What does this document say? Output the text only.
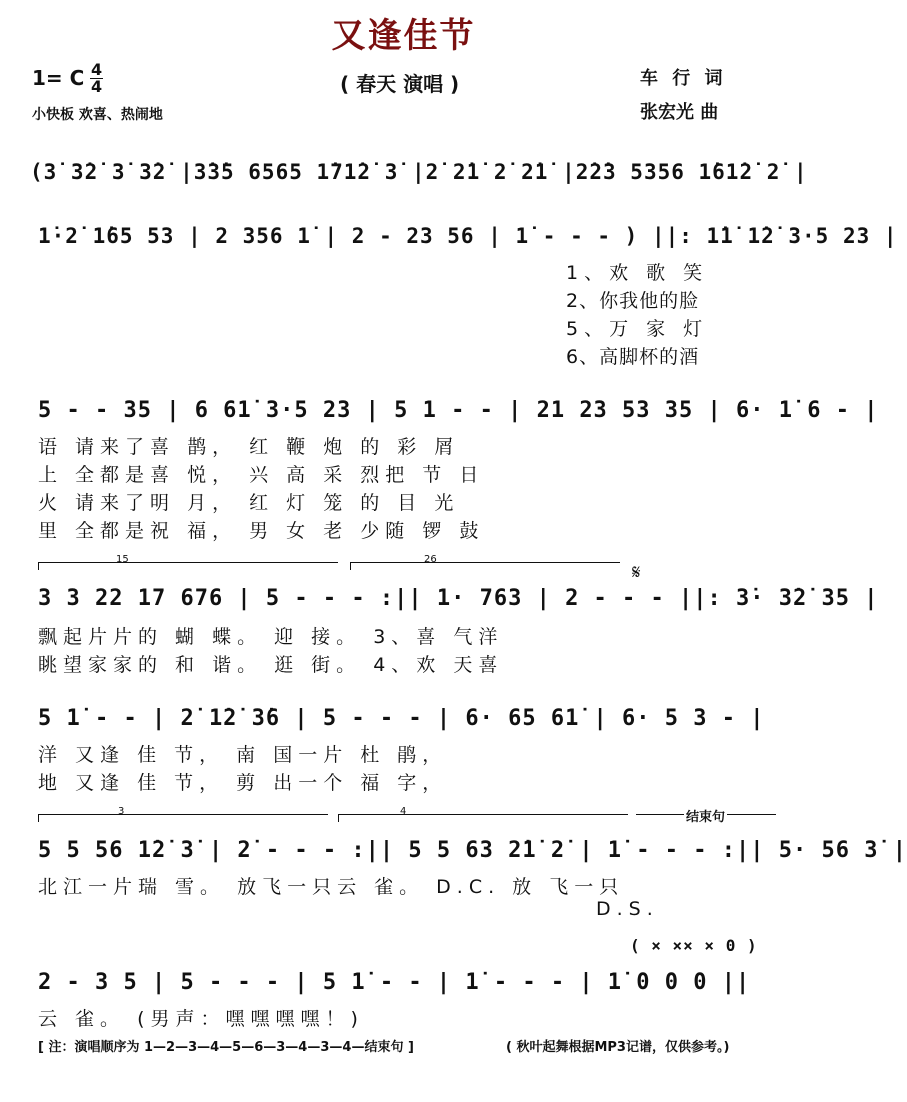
又逢佳节
( 春天 演唱 )
1= C 4
4
小快板 欢喜、热闹地
车 行 词
张宏光 曲
(3̇ 3̇2̇ 3̇ 3̇2̇ |3̇3̇5 6565 1̇71̇2̇ 3̇ |2̇ 2̇1̇ 2̇ 2̇1̇ |2̇2̇3 5356 1̇61̇2̇ 2̇ |
1̇·2̇ 1̇65 53 | 2 356 1̇ | 2 - 23 56 | 1̇ - - - ) ||: 1̇1̇ 1̇2̇ 3·5 23 |
1、欢 歌 笑
2、你我他的脸
5、万 家 灯
6、高脚杯的酒
5 - - 35 | 6 61̇ 3·5 23 | 5 1 - - | 21 23 53 35 | 6· 1̇ 6 - |
语 请来了喜 鹊， 红 鞭 炮 的 彩 屑
上 全都是喜 悦， 兴 高 采 烈把 节 日
火 请来了明 月， 红 灯 笼 的 目 光
里 全都是祝 福， 男 女 老 少随 锣 鼓
15	26
𝄋
3 3 22 17 676 | 5 - - - :|| 1· 763 | 2 - - - ||: 3̇· 3̇2̇ 35 |
飘起片片的 蝴 蝶。 迎 接。 3、喜 气洋
眺望家家的 和 谐。 逛 街。 4、欢 天喜
5 1̇ - - | 2̇ 1̇2̇ 3̇6 | 5 - - - | 6· 65 61̇ | 6· 5 3 - |
洋 又逢 佳 节， 南 国一片 杜 鹃，
地 又逢 佳 节， 剪 出一个 福 字，
3	4	结束句
5 5 56 1̇2̇ 3̇ | 2̇ - - - :|| 5 5 63 2̇1̇ 2̇ | 1̇ - - - :|| 5· 56 3̇ |
北江一片瑞 雪。 放飞一只云 雀。 D.C. 放 飞一只
D.S.
( × ×× × 0 )
2 - 3 5 | 5 - - - | 5 1̇ - - | 1̇ - - - | 1̇ 0 0 0 ||
云 雀。 (男声：嘿嘿嘿嘿！)
[ 注：演唱顺序为 1—2—3—4—5—6—3—4—3—4—结束句 ]	( 秋叶起舞根据MP3记谱，仅供参考。)
